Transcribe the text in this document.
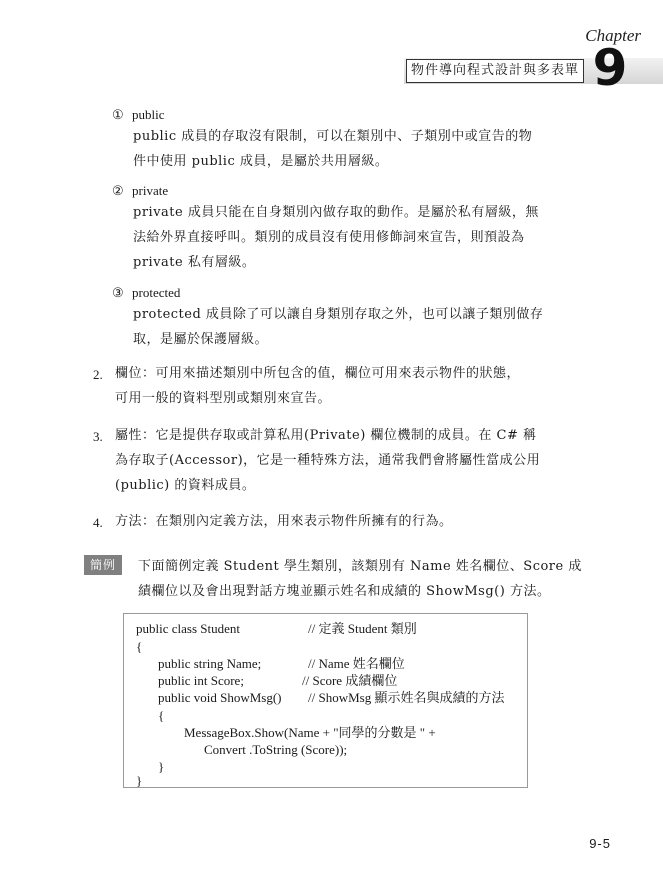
Chapter
物件導向程式設計與多表單 9
① public
public 成員的存取沒有限制，可以在類別中、子類別中或宣告的物
件中使用 public 成員，是屬於共用層級。
② private
private 成員只能在自身類別內做存取的動作。是屬於私有層級，無
法給外界直接呼叫。類別的成員沒有使用修飾詞來宣告，則預設為
private 私有層級。
③ protected
protected 成員除了可以讓自身類別存取之外，也可以讓子類別做存
取，是屬於保護層級。
2. 欄位：可用來描述類別中所包含的值，欄位可用來表示物件的狀態，
可用一般的資料型別或類別來宣告。
3. 屬性：它是提供存取或計算私用(Private) 欄位機制的成員。在 C# 稱
為存取子(Accessor)，它是一種特殊方法，通常我們會將屬性當成公用
(public) 的資料成員。
4. 方法：在類別內定義方法，用來表示物件所擁有的行為。
簡例	下面簡例定義 Student 學生類別，該類別有 Name 姓名欄位、Score 成
績欄位以及會出現對話方塊並顯示姓名和成績的 ShowMsg() 方法。
public class Student	// 定義 Student 類別
{
public string Name;	// Name 姓名欄位
public int Score;	// Score 成績欄位
public void ShowMsg() // ShowMsg 顯示姓名與成績的方法
{
MessageBox.Show(Name + "同學的分數是 " +
Convert .ToString (Score));
}
}
9-5
